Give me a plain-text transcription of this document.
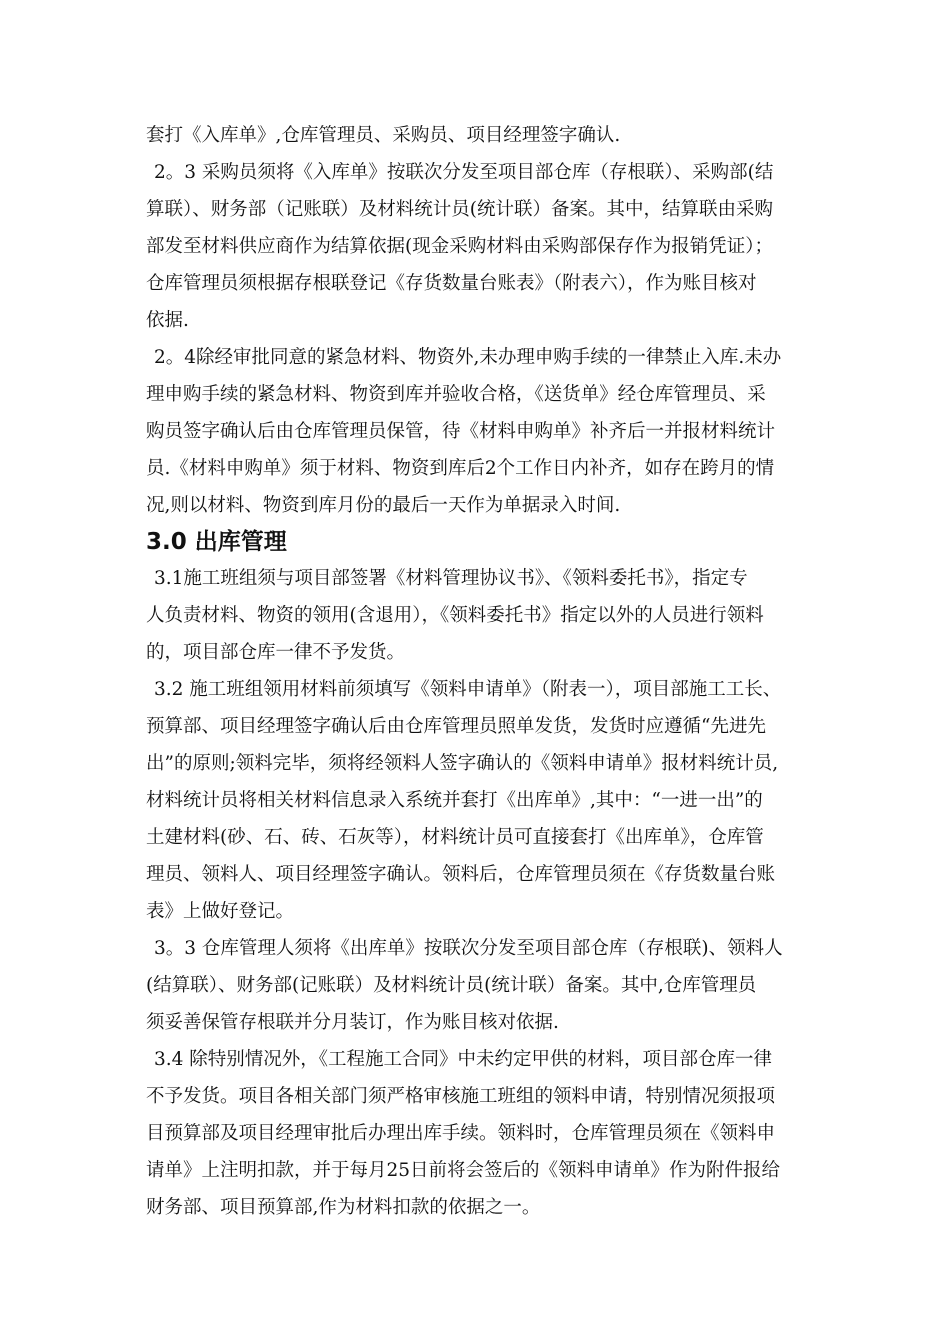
套打《入库单》,仓库管理员、采购员、项目经理签字确认.
2。3 采购员须将《入库单》按联次分发至项目部仓库（存根联）、采购部(结
算联）、财务部（记账联）及材料统计员(统计联）备案。其中，结算联由采购
部发至材料供应商作为结算依据(现金采购材料由采购部保存作为报销凭证）；
仓库管理员须根据存根联登记《存货数量台账表》（附表六），作为账目核对
依据.
2。4除经审批同意的紧急材料、物资外,未办理申购手续的一律禁止入库.未办
理申购手续的紧急材料、物资到库并验收合格，《送货单》经仓库管理员、采
购员签字确认后由仓库管理员保管，待《材料申购单》补齐后一并报材料统计
员.《材料申购单》须于材料、物资到库后2个工作日内补齐，如存在跨月的情
况,则以材料、物资到库月份的最后一天作为单据录入时间.
3.0 出库管理
3.1施工班组须与项目部签署《材料管理协议书》、《领料委托书》，指定专
人负责材料、物资的领用(含退用），《领料委托书》指定以外的人员进行领料
的，项目部仓库一律不予发货。
3.2 施工班组领用材料前须填写《领料申请单》（附表一），项目部施工工长、
预算部、项目经理签字确认后由仓库管理员照单发货，发货时应遵循“先进先
出”的原则;领料完毕，须将经领料人签字确认的《领料申请单》报材料统计员,
材料统计员将相关材料信息录入系统并套打《出库单》,其中：“一进一出”的
土建材料(砂、石、砖、石灰等），材料统计员可直接套打《出库单》，仓库管
理员、领料人、项目经理签字确认。领料后，仓库管理员须在《存货数量台账
表》上做好登记。
3。3 仓库管理人须将《出库单》按联次分发至项目部仓库（存根联)、领料人
(结算联）、财务部(记账联）及材料统计员(统计联）备案。其中,仓库管理员
须妥善保管存根联并分月装订，作为账目核对依据.
3.4 除特别情况外，《工程施工合同》中未约定甲供的材料，项目部仓库一律
不予发货。项目各相关部门须严格审核施工班组的领料申请，特别情况须报项
目预算部及项目经理审批后办理出库手续。领料时，仓库管理员须在《领料申
请单》上注明扣款，并于每月25日前将会签后的《领料申请单》作为附件报给
财务部、项目预算部,作为材料扣款的依据之一。
